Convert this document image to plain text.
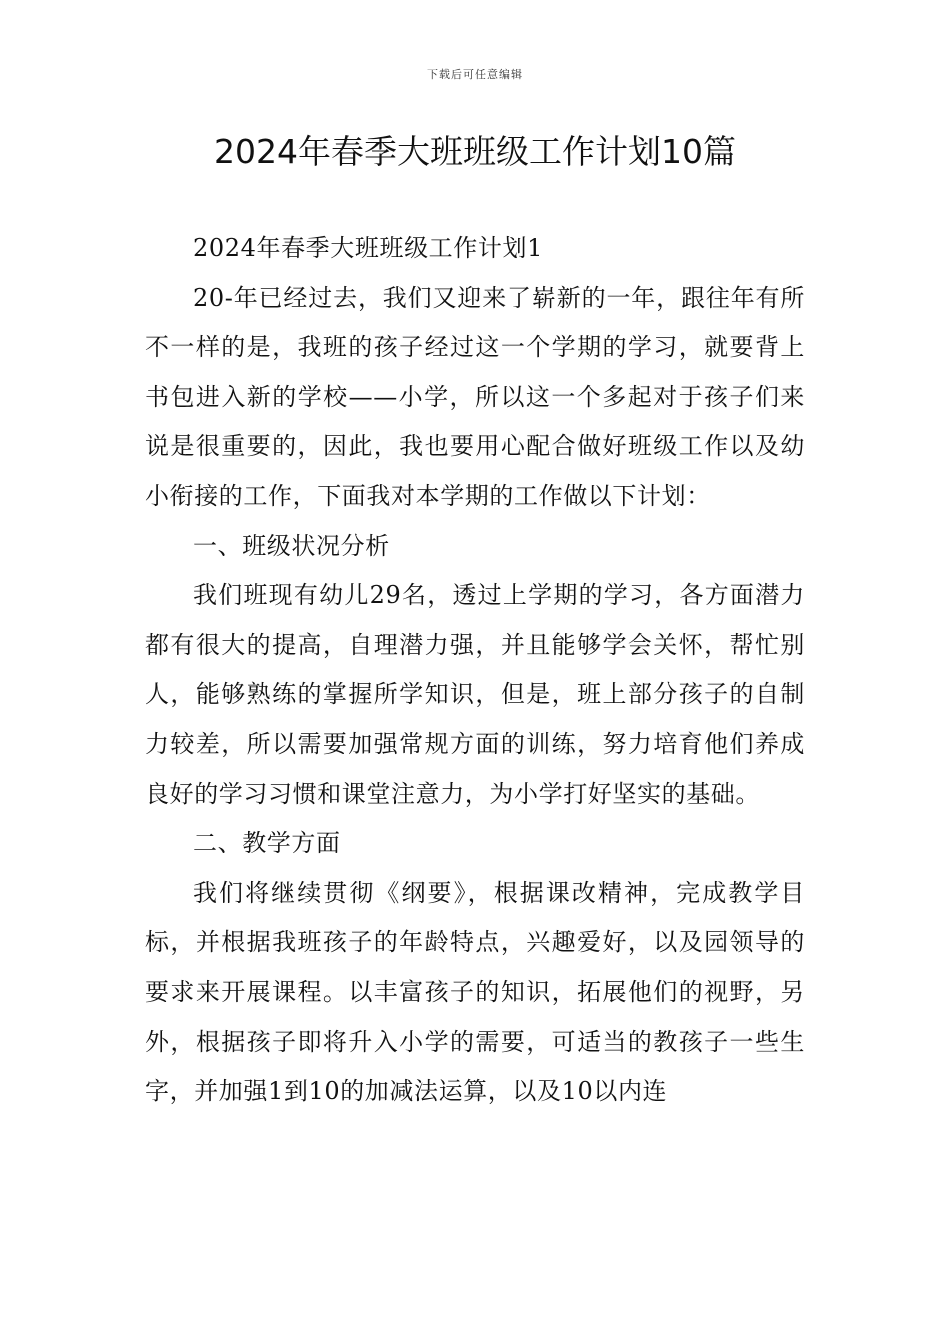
下载后可任意编辑
2024年春季大班班级工作计划10篇

2024年春季大班班级工作计划1

20-年已经过去，我们又迎来了崭新的一年，跟往年有所不一样的是，我班的孩子经过这一个学期的学习，就要背上书包进入新的学校——小学，所以这一个多起对于孩子们来说是很重要的，因此，我也要用心配合做好班级工作以及幼小衔接的工作，下面我对本学期的工作做以下计划：

一、班级状况分析

我们班现有幼儿29名，透过上学期的学习，各方面潜力都有很大的提高，自理潜力强，并且能够学会关怀，帮忙别人，能够熟练的掌握所学知识，但是，班上部分孩子的自制力较差，所以需要加强常规方面的训练，努力培育他们养成良好的学习习惯和课堂注意力，为小学打好坚实的基础。

二、教学方面

我们将继续贯彻《纲要》，根据课改精神，完成教学目标，并根据我班孩子的年龄特点，兴趣爱好，以及园领导的要求来开展课程。以丰富孩子的知识，拓展他们的视野，另外，根据孩子即将升入小学的需要，可适当的教孩子一些生字，并加强1到10的加减法运算，以及10以内连
